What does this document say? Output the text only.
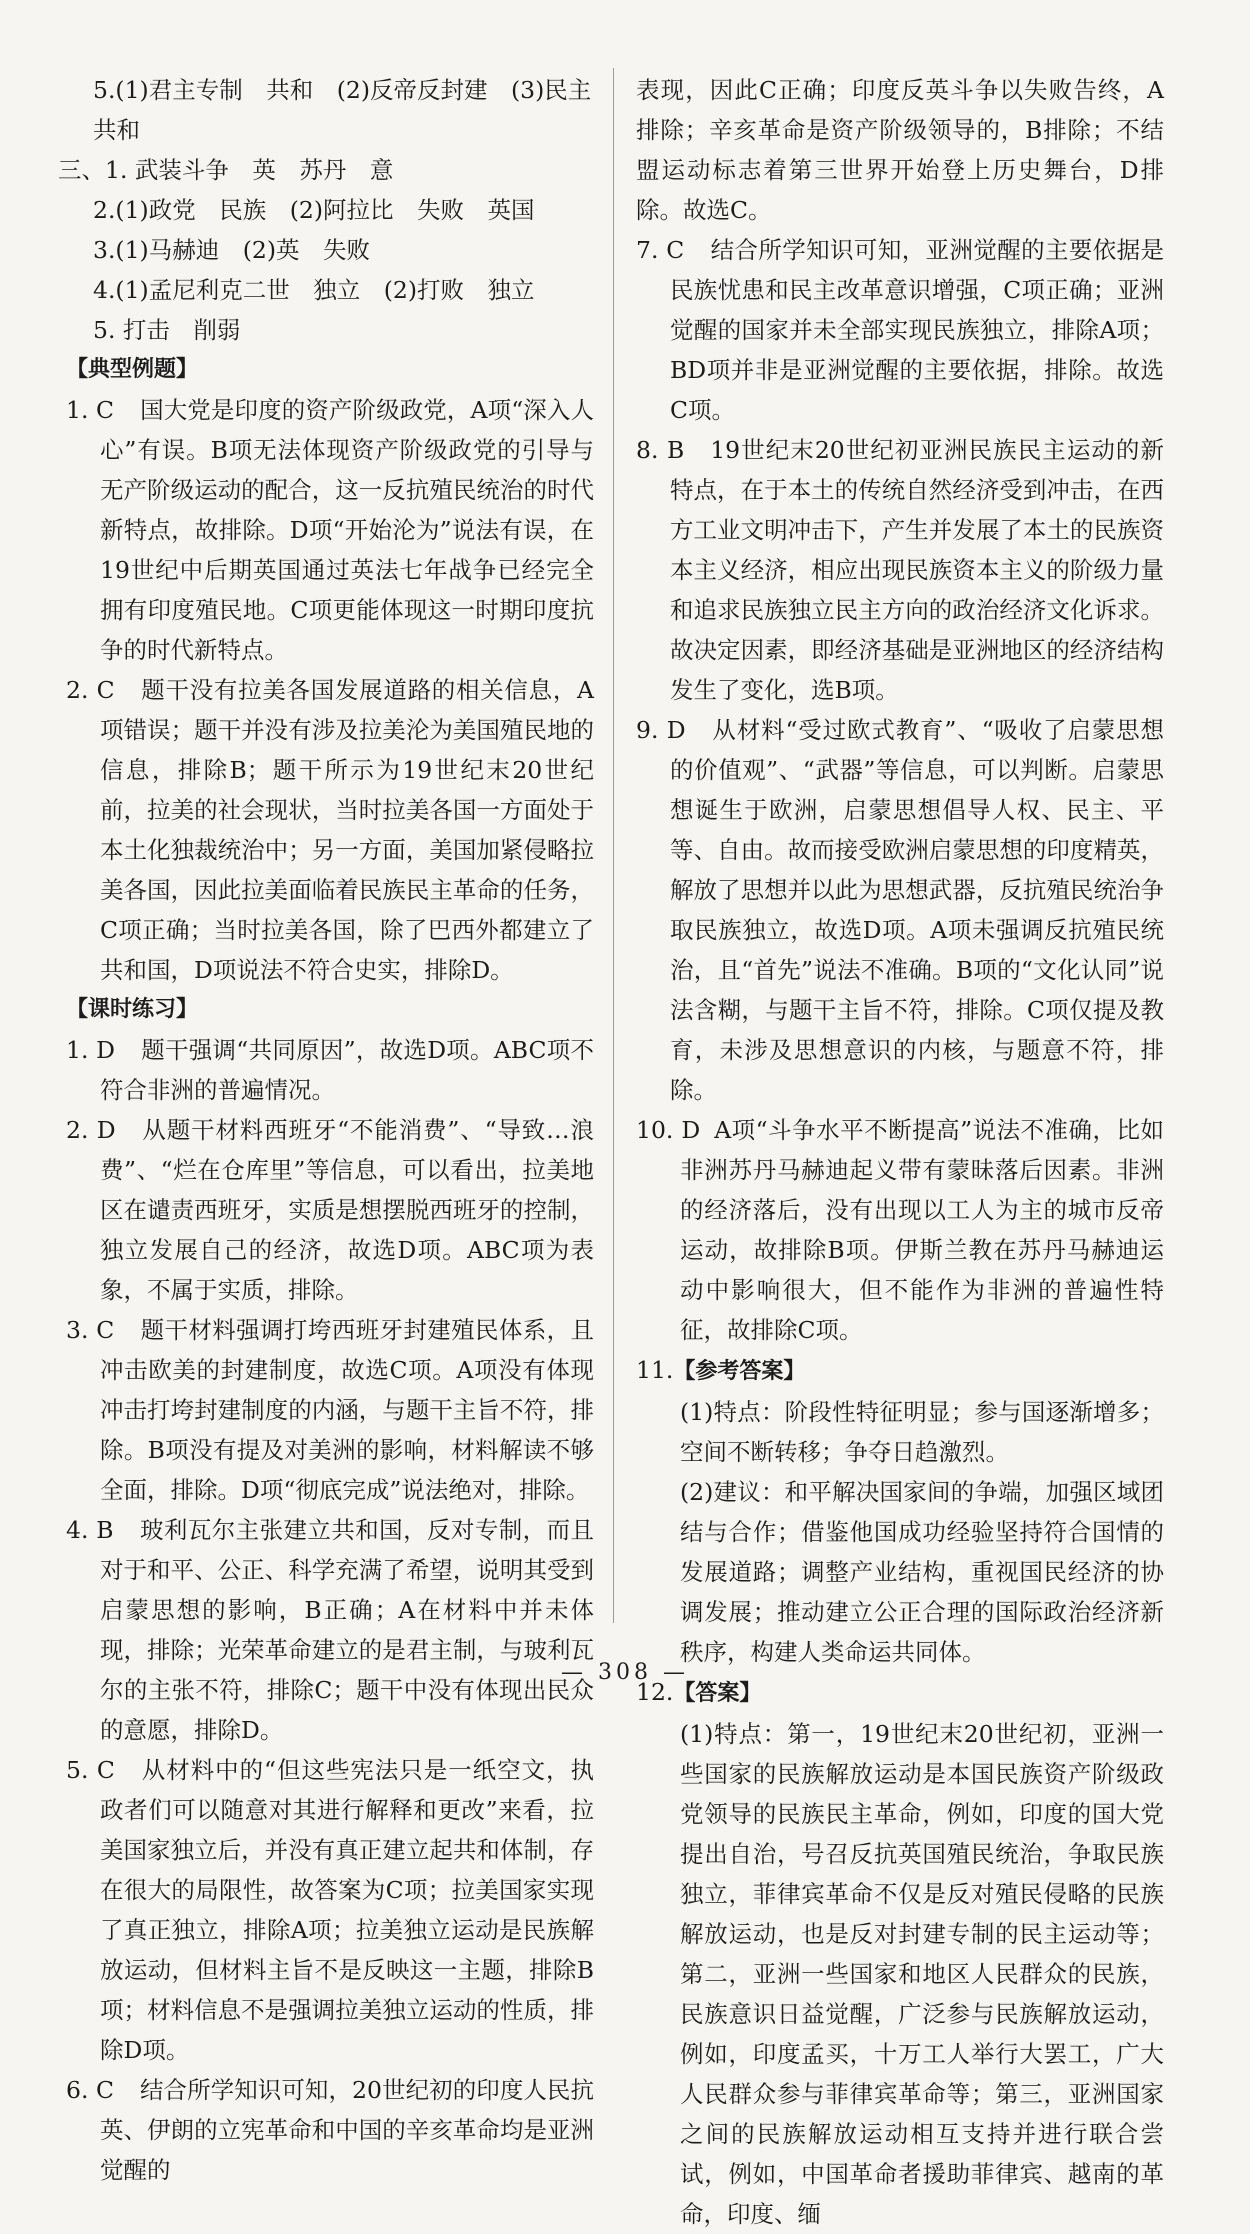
5.(1)君主专制　共和　(2)反帝反封建　(3)民主
共和
三、1. 武装斗争　英　苏丹　意
2.(1)政党　民族　(2)阿拉比　失败　英国
3.(1)马赫迪　(2)英　失败
4.(1)孟尼利克二世　独立　(2)打败　独立
5. 打击　削弱
【典型例题】
1. C 国大党是印度的资产阶级政党，A项“深入人心”有误。B项无法体现资产阶级政党的引导与无产阶级运动的配合，这一反抗殖民统治的时代新特点，故排除。D项“开始沦为”说法有误，在19世纪中后期英国通过英法七年战争已经完全拥有印度殖民地。C项更能体现这一时期印度抗争的时代新特点。
2. C 题干没有拉美各国发展道路的相关信息，A项错误；题干并没有涉及拉美沦为美国殖民地的信息，排除B；题干所示为19世纪末20世纪前，拉美的社会现状，当时拉美各国一方面处于本土化独裁统治中；另一方面，美国加紧侵略拉美各国，因此拉美面临着民族民主革命的任务，C项正确；当时拉美各国，除了巴西外都建立了共和国，D项说法不符合史实，排除D。
【课时练习】
1. D 题干强调“共同原因”，故选D项。ABC项不符合非洲的普遍情况。
2. D 从题干材料西班牙“不能消费”、“导致…浪费”、“烂在仓库里”等信息，可以看出，拉美地区在谴责西班牙，实质是想摆脱西班牙的控制，独立发展自己的经济，故选D项。ABC项为表象，不属于实质，排除。
3. C 题干材料强调打垮西班牙封建殖民体系，且冲击欧美的封建制度，故选C项。A项没有体现冲击打垮封建制度的内涵，与题干主旨不符，排除。B项没有提及对美洲的影响，材料解读不够全面，排除。D项“彻底完成”说法绝对，排除。
4. B 玻利瓦尔主张建立共和国，反对专制，而且对于和平、公正、科学充满了希望，说明其受到启蒙思想的影响，B正确；A在材料中并未体现，排除；光荣革命建立的是君主制，与玻利瓦尔的主张不符，排除C；题干中没有体现出民众的意愿，排除D。
5. C 从材料中的“但这些宪法只是一纸空文，执政者们可以随意对其进行解释和更改”来看，拉美国家独立后，并没有真正建立起共和体制，存在很大的局限性，故答案为C项；拉美国家实现了真正独立，排除A项；拉美独立运动是民族解放运动，但材料主旨不是反映这一主题，排除B项；材料信息不是强调拉美独立运动的性质，排除D项。
6. C 结合所学知识可知，20世纪初的印度人民抗英、伊朗的立宪革命和中国的辛亥革命均是亚洲觉醒的
表现，因此C正确；印度反英斗争以失败告终，A排除；辛亥革命是资产阶级领导的，B排除；不结盟运动标志着第三世界开始登上历史舞台，D排除。故选C。
7. C 结合所学知识可知，亚洲觉醒的主要依据是民族忧患和民主改革意识增强，C项正确；亚洲觉醒的国家并未全部实现民族独立，排除A项；BD项并非是亚洲觉醒的主要依据，排除。故选C项。
8. B 19世纪末20世纪初亚洲民族民主运动的新特点，在于本土的传统自然经济受到冲击，在西方工业文明冲击下，产生并发展了本土的民族资本主义经济，相应出现民族资本主义的阶级力量和追求民族独立民主方向的政治经济文化诉求。故决定因素，即经济基础是亚洲地区的经济结构发生了变化，选B项。
9. D 从材料“受过欧式教育”、“吸收了启蒙思想的价值观”、“武器”等信息，可以判断。启蒙思想诞生于欧洲，启蒙思想倡导人权、民主、平等、自由。故而接受欧洲启蒙思想的印度精英，解放了思想并以此为思想武器，反抗殖民统治争取民族独立，故选D项。A项未强调反抗殖民统治，且“首先”说法不准确。B项的“文化认同”说法含糊，与题干主旨不符，排除。C项仅提及教育，未涉及思想意识的内核，与题意不符，排除。
10. D A项“斗争水平不断提高”说法不准确，比如非洲苏丹马赫迪起义带有蒙昧落后因素。非洲的经济落后，没有出现以工人为主的城市反帝运动，故排除B项。伊斯兰教在苏丹马赫迪运动中影响很大，但不能作为非洲的普遍性特征，故排除C项。
11.【参考答案】
(1)特点：阶段性特征明显；参与国逐渐增多；空间不断转移；争夺日趋激烈。
(2)建议：和平解决国家间的争端，加强区域团结与合作；借鉴他国成功经验坚持符合国情的发展道路；调整产业结构，重视国民经济的协调发展；推动建立公正合理的国际政治经济新秩序，构建人类命运共同体。
12.【答案】
(1)特点：第一，19世纪末20世纪初，亚洲一些国家的民族解放运动是本国民族资产阶级政党领导的民族民主革命，例如，印度的国大党提出自治，号召反抗英国殖民统治，争取民族独立，菲律宾革命不仅是反对殖民侵略的民族解放运动，也是反对封建专制的民主运动等；第二，亚洲一些国家和地区人民群众的民族，民族意识日益觉醒，广泛参与民族解放运动，例如，印度孟买，十万工人举行大罢工，广大人民群众参与菲律宾革命等；第三，亚洲国家之间的民族解放运动相互支持并进行联合尝试，例如，中国革命者援助菲律宾、越南的革命，印度、缅
— 308 —
